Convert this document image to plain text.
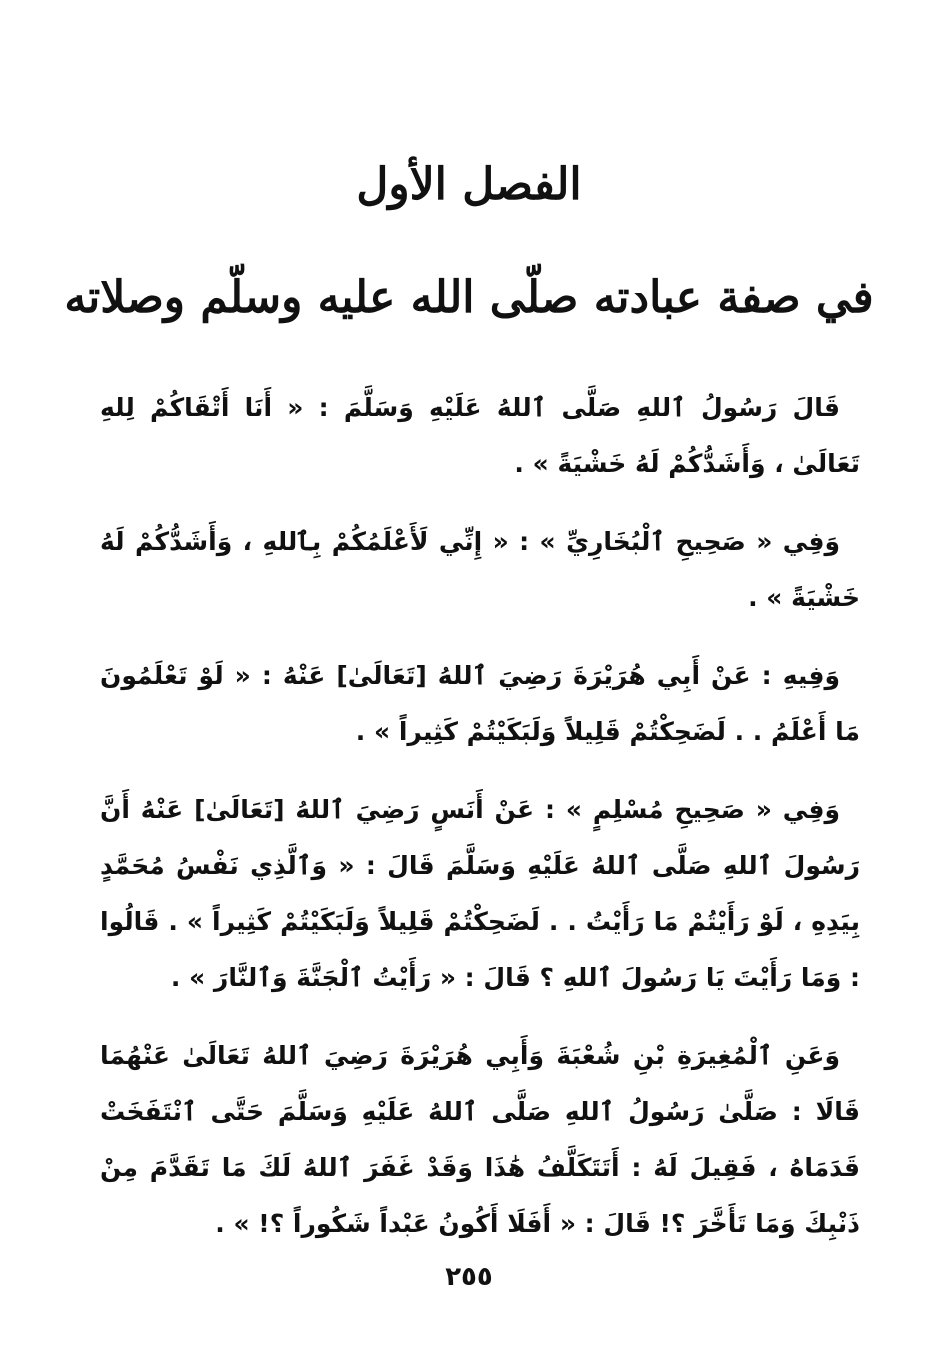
الفصل الأول
في صفة عبادته صلّى الله عليه وسلّم وصلاته

قَالَ رَسُولُ ٱللهِ صَلَّى ٱللهُ عَلَيْهِ وَسَلَّمَ : « أَنَا أَتْقَاكُمْ لِلهِ تَعَالَىٰ ، وَأَشَدُّكُمْ لَهُ خَشْيَةً » .

وَفِي « صَحِيحِ ٱلْبُخَارِيِّ » : « إِنِّي لَأَعْلَمُكُمْ بِٱللهِ ، وَأَشَدُّكُمْ لَهُ خَشْيَةً » .

وَفِيهِ : عَنْ أَبِي هُرَيْرَةَ رَضِيَ ٱللهُ [تَعَالَىٰ] عَنْهُ : « لَوْ تَعْلَمُونَ مَا أَعْلَمُ . . لَضَحِكْتُمْ قَلِيلاً وَلَبَكَيْتُمْ كَثِيراً » .

وَفِي « صَحِيحِ مُسْلِمٍ » : عَنْ أَنَسٍ رَضِيَ ٱللهُ [تَعَالَىٰ] عَنْهُ أَنَّ رَسُولَ ٱللهِ صَلَّى ٱللهُ عَلَيْهِ وَسَلَّمَ قَالَ : « وَٱلَّذِي نَفْسُ مُحَمَّدٍ بِيَدِهِ ، لَوْ رَأَيْتُمْ مَا رَأَيْتُ . . لَضَحِكْتُمْ قَلِيلاً وَلَبَكَيْتُمْ كَثِيراً » . قَالُوا : وَمَا رَأَيْتَ يَا رَسُولَ ٱللهِ ؟ قَالَ : « رَأَيْتُ ٱلْجَنَّةَ وَٱلنَّارَ » .

وَعَنِ ٱلْمُغِيرَةِ بْنِ شُعْبَةَ وَأَبِي هُرَيْرَةَ رَضِيَ ٱللهُ تَعَالَىٰ عَنْهُمَا قَالَا : صَلَّىٰ رَسُولُ ٱللهِ صَلَّى ٱللهُ عَلَيْهِ وَسَلَّمَ حَتَّى ٱنْتَفَخَتْ قَدَمَاهُ ، فَقِيلَ لَهُ : أَتَتَكَلَّفُ هَٰذَا وَقَدْ غَفَرَ ٱللهُ لَكَ مَا تَقَدَّمَ مِنْ ذَنْبِكَ وَمَا تَأَخَّرَ ؟! قَالَ : « أَفَلَا أَكُونُ عَبْداً شَكُوراً ؟! » .

٢٥٥
